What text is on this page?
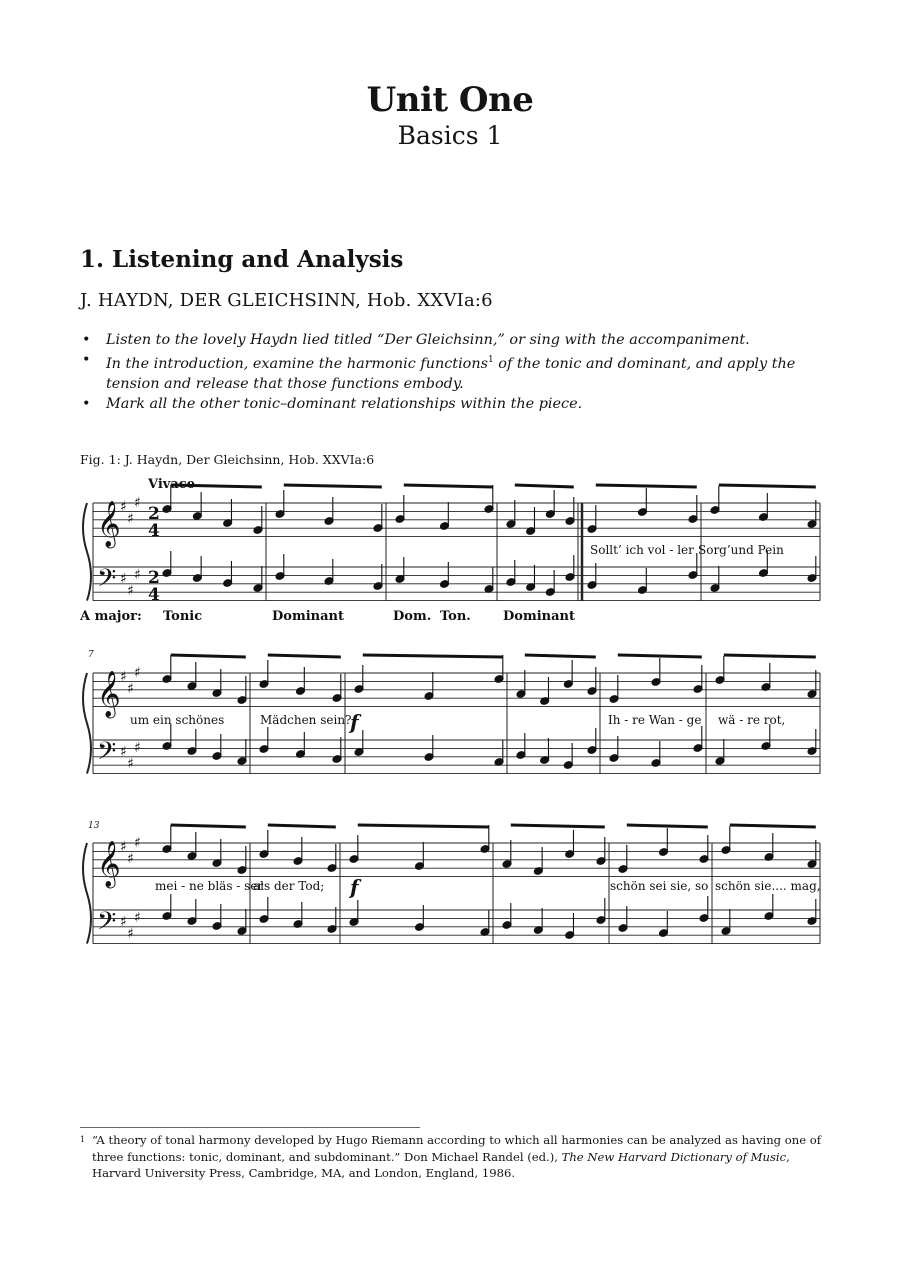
Unit One
Basics 1
1. Listening and Analysis
J. HAYDN, DER GLEICHSINN, Hob. XXVIa:6
• Listen to the lovely Haydn lied titled “Der Gleichsinn,” or sing with the accompaniment.
• In the introduction, examine the harmonic functions$^1$ of the tonic and dominant, and apply the tension and release that those functions embody.
• Mark all the other tonic–dominant relationships within the piece.
Fig. 1: J. Haydn, Der Gleichsinn, Hob. XXVIa:6
𝄞 ♯
♯
♯
2
4
𝄢 ♯
♯
♯ 2
4
𝄞 ♯
♯
♯
𝄢 ♯
♯
♯
𝄞 ♯
♯
♯
𝄢 ♯
♯
♯
Vivace
7
13
f
f
A major: Tonic	Dominant	Dom. Ton. Dominant
Sollt’ ich vol - ler Sorg’und Pein
um ein schönes	Mädchen sein?	Ih - re Wan - ge wä - re rot,
mei - ne bläs - ser
als der Tod;	schön sei sie, so schön sie.... mag,
1 “A theory of tonal harmony developed by Hugo Riemann according to which all harmonies can be analyzed as having one of three functions: tonic, dominant, and subdominant.” Don Michael Randel (ed.), The New Harvard Dictionary of Music, Harvard University Press, Cambridge, MA, and London, England, 1986.
